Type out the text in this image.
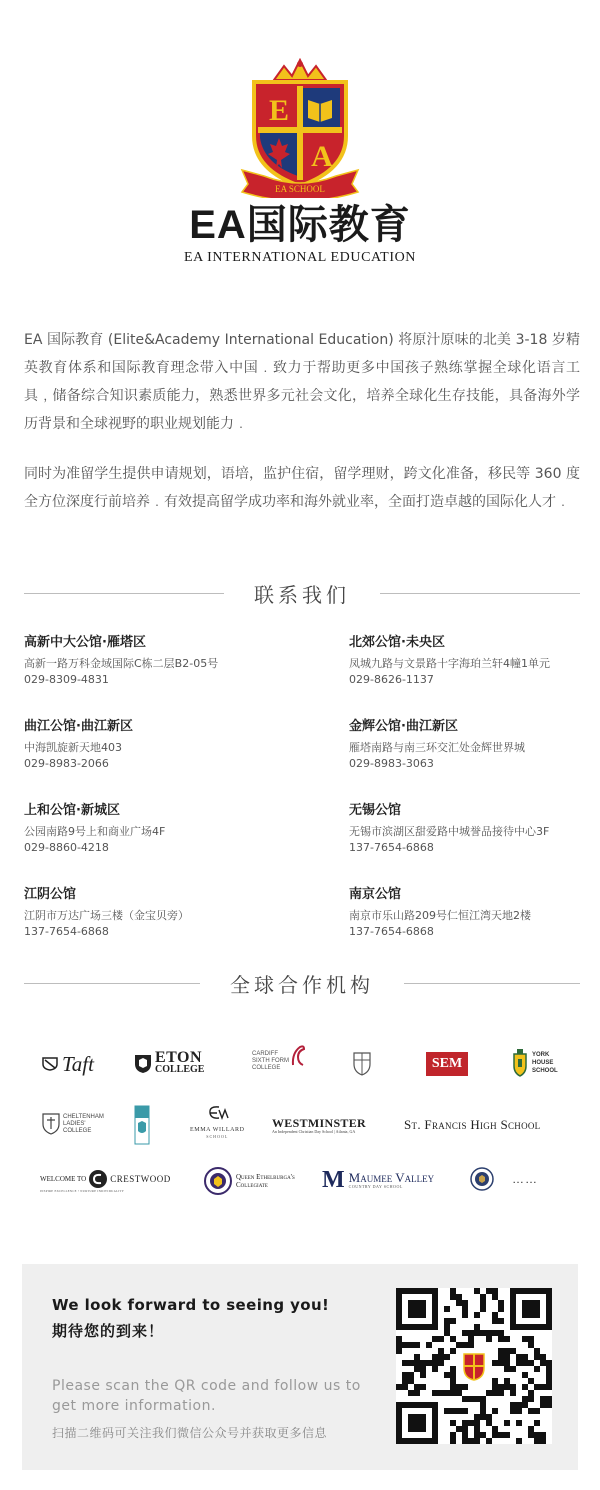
E
A
EA SCHOOL
EA国际教育
EA INTERNATIONAL EDUCATION

EA 国际教育 (Elite&Academy International Education) 将原汁原味的北美 3-18 岁精英教育体系和国际教育理念带入中国﹒致力于帮助更多中国孩子熟练掌握全球化语言工具﹐储备综合知识素质能力，熟悉世界多元社会文化，培养全球化生存技能，具备海外学历背景和全球视野的职业规划能力﹒

同时为准留学生提供申请规划，语培，监护住宿，留学理财，跨文化准备，移民等 360 度全方位深度行前培养﹒有效提高留学成功率和海外就业率，全面打造卓越的国际化人才﹒

联系我们
高新中大公馆·雁塔区
高新一路万科金域国际C栋二层B2-05号
029-8309-4831
北郊公馆·未央区
凤城九路与文景路十字海珀兰轩4幢1单元
029-8626-1137
曲江公馆·曲江新区
中海凯旋新天地403
029-8983-2066
金辉公馆·曲江新区
雁塔南路与南三环交汇处金辉世界城
029-8983-3063
上和公馆·新城区
公园南路9号上和商业广场4F
029-8860-4218
无锡公馆
无锡市滨湖区甜爱路中城誉品接待中心3F
137-7654-6868
江阴公馆
江阴市万达广场三楼（金宝贝旁）
137-7654-6868
南京公馆
南京市乐山路209号仁恒江湾天地2楼
137-7654-6868
全球合作机构
Taft	ETON
COLLEGE
CARDIFF
SIXTH FORM
COLLEGE	SEM
YORK
HOUSE
SCHOOL
CHELTENHAM
LADIES'
COLLEGE	EMMA WILLARD
SCHOOL
WESTMINSTER
An Independent Christian Day School | Atlanta, GA	St. Francis High School
WELCOME TO	CRESTWOOD
INSPIRE EXCELLENCE • NURTURE INDIVIDUALITY
Queen Ethelburga's
Collegiate	M Maumee Valley
COUNTRY DAY SCHOOL	……
We look forward to seeing you!
期待您的到来！
Please scan the QR code and follow us to get more information.
扫描二维码可关注我们微信公众号并获取更多信息
